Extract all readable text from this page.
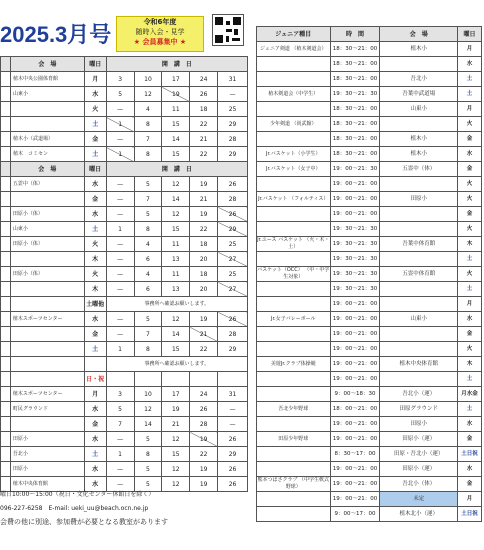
2025.3月号	令和6年度
随時入会・見学
★ 会員募集中 ★
	会　場	曜日	開　講　日				
	植木中央公園体育館	月	3	10	17	24	31
	山東小	水	5	12	19	26	—
		火	—	4	11	18	25
		土	1	8	15	22	29
	植木小（武道場）	金	—	7	14	21	28
	植木　コミセン	土	1	8	15	22	29
	会　場	曜日	開　講　日				
	五霊中（体）	水	—	5	12	19	26
		金	—	7	14	21	28
	田原小（体）	水	—	5	12	19	26
	山東小	土	1	8	15	22	29
	田原小（体）	火	—	4	11	18	25
		木	—	6	13	20	27
	田原小（体）	火	—	4	11	18	25
		木	—	6	13	20	27
		土曜他	事務所へ確認お願いします。				
	植木スポーツセンター	水	—	5	12	19	26
		金	—	7	14	21	28
		土	1	8	15	22	29
			事務所へ確認お願いします。				
		日・祝					
	植木スポーツセンター	月	3	10	17	24	31
	町民グラウンド	水	5	12	19	26	—
		金	7	14	21	28	—
	田原小	水	—	5	12	19	26
	吾北小	土	1	8	15	22	29
	田原小	水	—	5	12	19	26
	植木中央体育館	水	—	5	12	19	26
ジュニア種目	時　間	会　場	曜日
ジュニア剣道 （植木剣道会）	18：30～21：00	植木小	月
	18：30～21：00		水
	18：30～21：00	吾北小	土
植木剣道会（中学生）	19：30～21：30	吾葉中武道場	土
	18：30～21：00	山東小	月
少年剣道 （尚武館）	18：30～21：00		火
	18：30～21：00	植木小	金
Jr.バスケット（小学生）	18：30～21：00	植木小	水
Jr.バスケット（女子中）	19：00～21：30	五霊中（体）	金
	19：00～21：00		火
Jr.バスケット （フォルティス）	19：00～21：00	田原小	火
	19：00～21：00		金
	19：30～21：30		火
Jr.ユース バスケット （火・木・土）	19：30～21：30	吾葉中体育館	木
	19：30～21：30		土
バスケット（OCC） （中・中学生対象）	19：30～21：30	五霊中体育館	火
	19：30～21：30		土
	19：00～21：00		月
Jr.女子バレーボール	19：00～21：00	山東小	水
	19：00～21：00		金
	19：00～21：00		火
美遊Jr.クラブ体操競	19：00～21：00	植木中央体育館	木
	19：00～21：00		土
	9：00～18：30	吾北小（運）	月水金
吾北少年野球	18：00～21：00	田原グラウンド	土
	19：00～21：00	田原小	水
田原少年野球	19：00～21：00	田原小（運）	金
	8：30～17：00	田原・吾北小（運）	土日祝
	19：00～21：00	田原小（運）	水
熊本つばさクラブ （中学生軟式野球）	19：00～21：00	吾北小（体）	金
	19：00～21：00	未定	月
	9：00～17：00	植木北小（運）	土日祝
曜日10:00～15:00（祝日・文化センター休館日を除く）
096-227-6258　E-mail: ueki_uu@beach.ocn.ne.jp
会費の他に別途、参加費が必要となる教室があります
